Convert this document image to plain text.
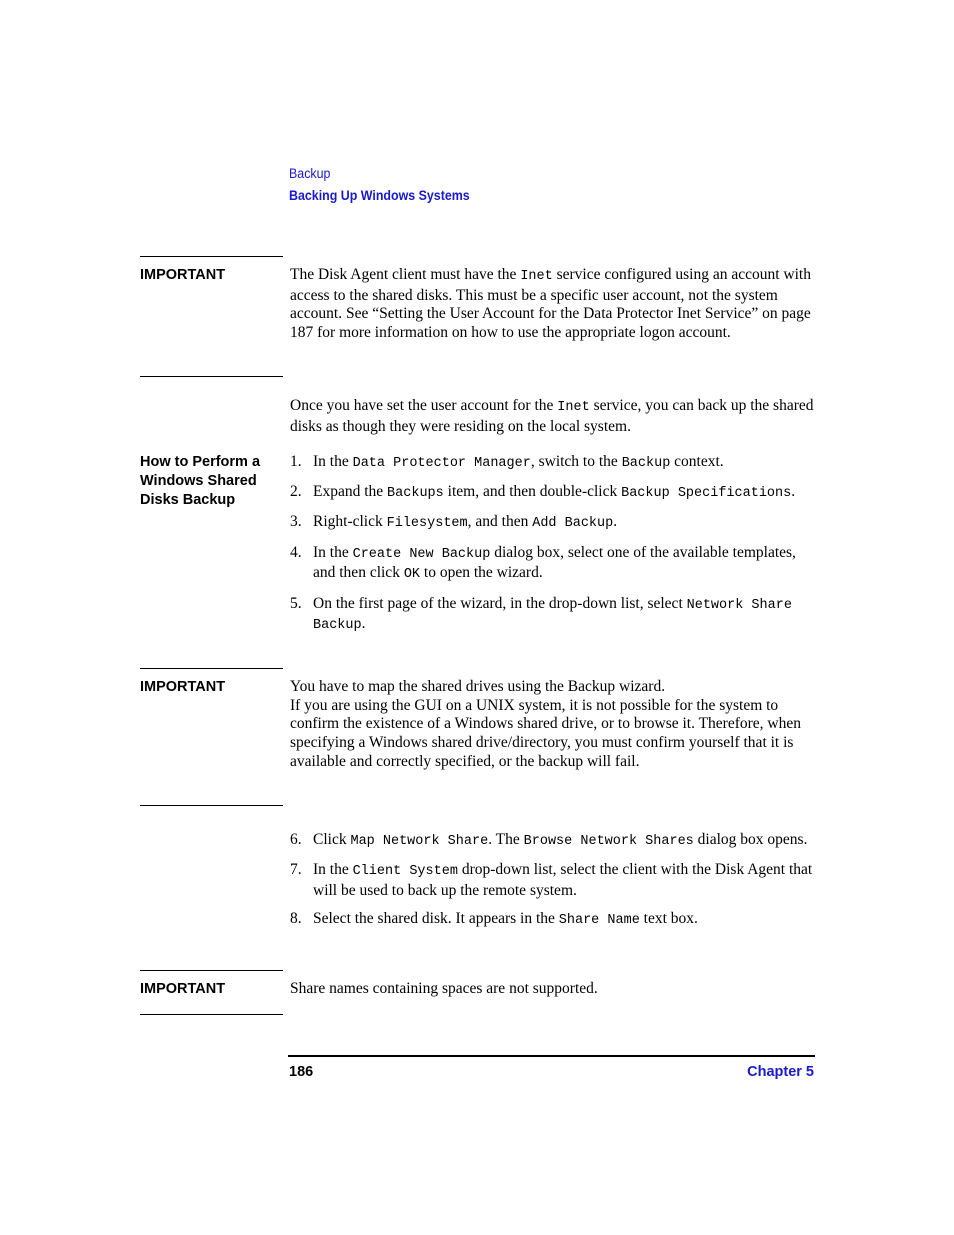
Backup
Backing Up Windows Systems
IMPORTANT	The Disk Agent client must have the Inet service configured using an account with access to the shared disks. This must be a specific user account, not the system account. See “Setting the User Account for the Data Protector Inet Service” on page 187 for more information on how to use the appropriate logon account.
Once you have set the user account for the Inet service, you can back up the shared disks as though they were residing on the local system.
How to Perform a Windows Shared Disks Backup
1. In the Data Protector Manager, switch to the Backup context.
2. Expand the Backups item, and then double-click Backup Specifications.
3. Right-click Filesystem, and then Add Backup.
4. In the Create New Backup dialog box, select one of the available templates, and then click OK to open the wizard.
5. On the first page of the wizard, in the drop-down list, select Network Share Backup.
IMPORTANT	You have to map the shared drives using the Backup wizard.
If you are using the GUI on a UNIX system, it is not possible for the system to confirm the existence of a Windows shared drive, or to browse it. Therefore, when specifying a Windows shared drive/directory, you must confirm yourself that it is available and correctly specified, or the backup will fail.
6. Click Map Network Share. The Browse Network Shares dialog box opens.
7. In the Client System drop-down list, select the client with the Disk Agent that will be used to back up the remote system.
8. Select the shared disk. It appears in the Share Name text box.
IMPORTANT	Share names containing spaces are not supported.
186	Chapter 5
